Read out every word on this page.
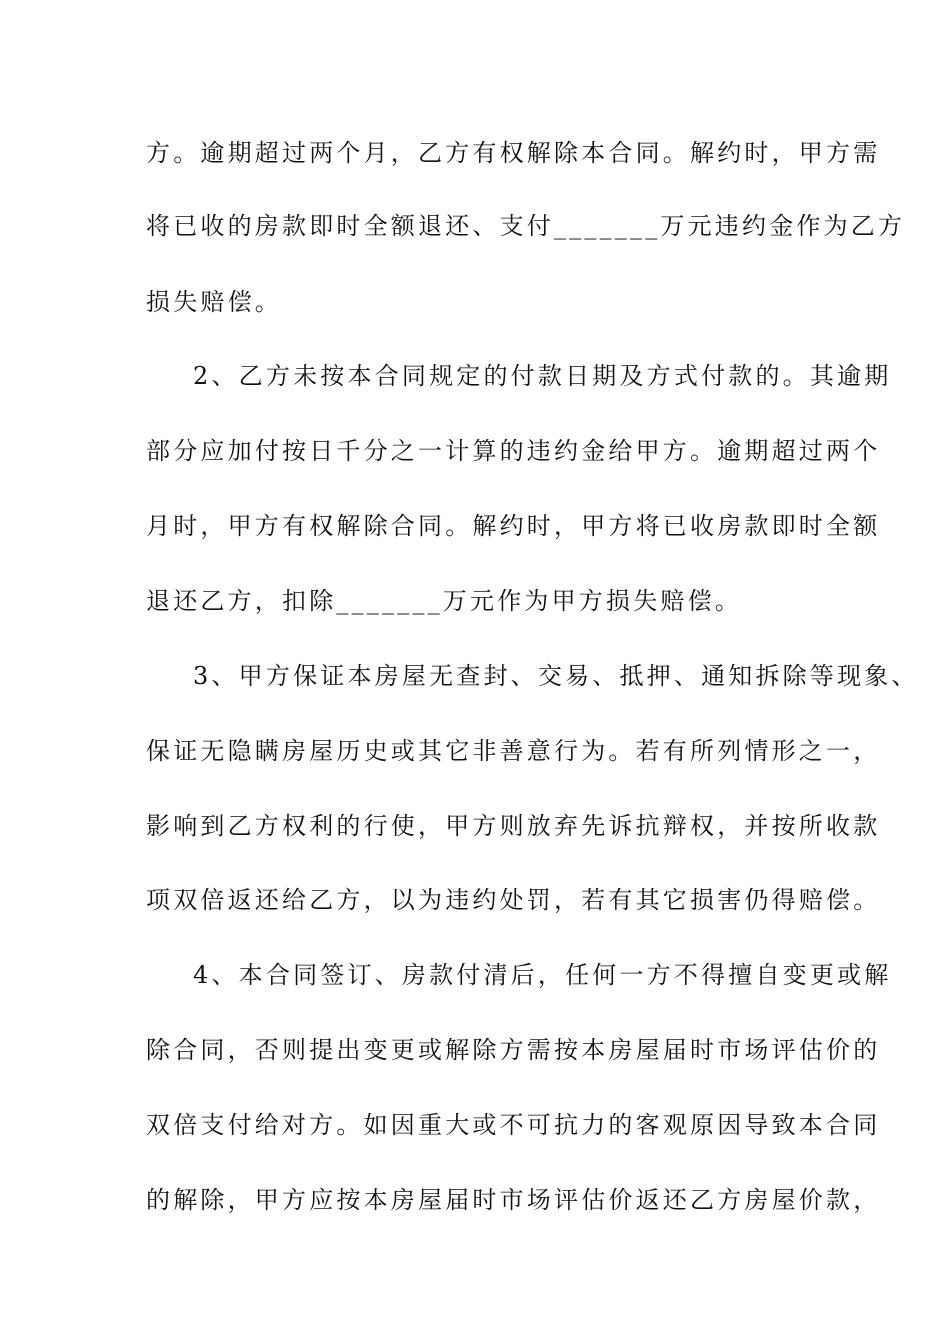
方。逾期超过两个月，乙方有权解除本合同。解约时，甲方需
将已收的房款即时全额退还、支付_______万元违约金作为乙方
损失赔偿。
2、乙方未按本合同规定的付款日期及方式付款的。其逾期
部分应加付按日千分之一计算的违约金给甲方。逾期超过两个
月时，甲方有权解除合同。解约时，甲方将已收房款即时全额
退还乙方，扣除_______万元作为甲方损失赔偿。
3、甲方保证本房屋无查封、交易、抵押、通知拆除等现象、
保证无隐瞒房屋历史或其它非善意行为。若有所列情形之一，
影响到乙方权利的行使，甲方则放弃先诉抗辩权，并按所收款
项双倍返还给乙方，以为违约处罚，若有其它损害仍得赔偿。
4、本合同签订、房款付清后，任何一方不得擅自变更或解
除合同，否则提出变更或解除方需按本房屋届时市场评估价的
双倍支付给对方。如因重大或不可抗力的客观原因导致本合同
的解除，甲方应按本房屋届时市场评估价返还乙方房屋价款，
